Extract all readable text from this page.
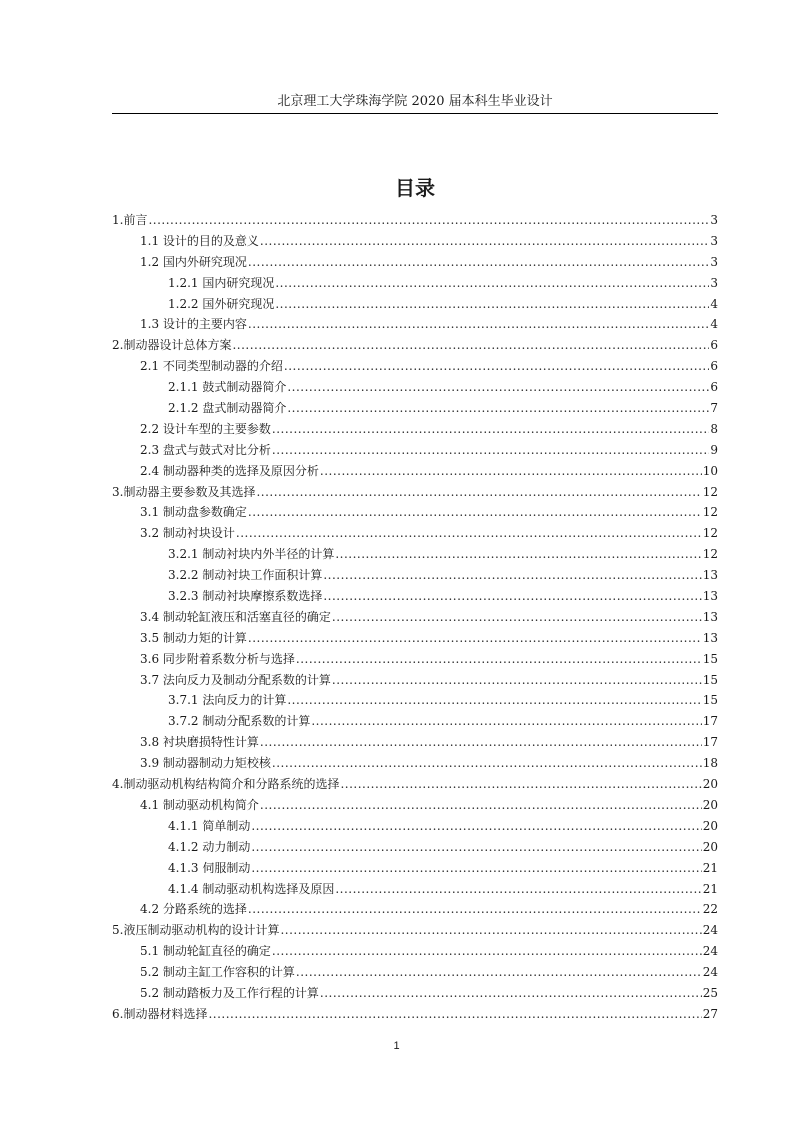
北京理工大学珠海学院 2020 届本科生毕业设计
目录
1.前言 .....	3
1.1 设计的目的及意义 .....	3
1.2 国内外研究现况 .....	3
1.2.1 国内研究现况 .....	3
1.2.2 国外研究现况 .....	4
1.3 设计的主要内容 .....	4
2.制动器设计总体方案 .....	6
2.1 不同类型制动器的介绍 .....	6
2.1.1 鼓式制动器简介 .....	6
2.1.2 盘式制动器简介 .....	7
2.2 设计车型的主要参数 .....	8
2.3 盘式与鼓式对比分析 .....	9
2.4 制动器种类的选择及原因分析 .....	10
3.制动器主要参数及其选择 .....	12
3.1 制动盘参数确定 .....	12
3.2 制动衬块设计 .....	12
3.2.1 制动衬块内外半径的计算 .....	12
3.2.2 制动衬块工作面积计算 .....	13
3.2.3 制动衬块摩擦系数选择 .....	13
3.4 制动轮缸液压和活塞直径的确定 .....	13
3.5 制动力矩的计算 .....	13
3.6 同步附着系数分析与选择 .....	15
3.7 法向反力及制动分配系数的计算 .....	15
3.7.1 法向反力的计算 .....	15
3.7.2 制动分配系数的计算 .....	17
3.8 衬块磨损特性计算 .....	17
3.9 制动器制动力矩校核 .....	18
4.制动驱动机构结构简介和分路系统的选择 .....	20
4.1 制动驱动机构简介 .....	20
4.1.1 简单制动 .....	20
4.1.2 动力制动 .....	20
4.1.3 伺服制动 .....	21
4.1.4 制动驱动机构选择及原因 .....	21
4.2 分路系统的选择 .....	22
5.液压制动驱动机构的设计计算 .....	24
5.1 制动轮缸直径的确定 .....	24
5.2 制动主缸工作容积的计算 .....	24
5.2 制动踏板力及工作行程的计算 .....	25
6.制动器材料选择 .....	27
1
